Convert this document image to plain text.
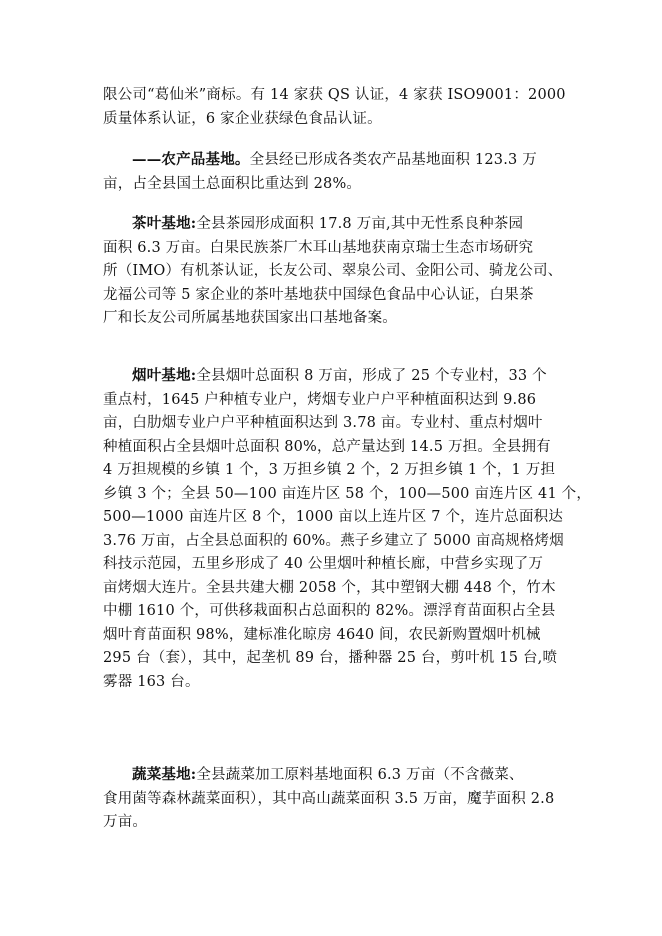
限公司“葛仙米”商标。有 14 家获 QS 认证，4 家获 ISO9001：2000
质量体系认证，6 家企业获绿色食品认证。

——农产品基地。全县经已形成各类农产品基地面积 123.3 万
亩，占全县国土总面积比重达到 28%。

茶叶基地:全县茶园形成面积 17.8 万亩,其中无性系良种茶园
面积 6.3 万亩。白果民族茶厂木耳山基地获南京瑞士生态市场研究
所（IMO）有机茶认证，长友公司、翠泉公司、金阳公司、骑龙公司、
龙福公司等 5 家企业的茶叶基地获中国绿色食品中心认证，白果茶
厂和长友公司所属基地获国家出口基地备案。

烟叶基地:全县烟叶总面积 8 万亩，形成了 25 个专业村，33 个
重点村，1645 户种植专业户，烤烟专业户户平种植面积达到 9.86
亩，白肋烟专业户户平种植面积达到 3.78 亩。专业村、重点村烟叶
种植面积占全县烟叶总面积 80%，总产量达到 14.5 万担。全县拥有
4 万担规模的乡镇 1 个，3 万担乡镇 2 个，2 万担乡镇 1 个，1 万担
乡镇 3 个；全县 50—100 亩连片区 58 个，100—500 亩连片区 41 个，
500—1000 亩连片区 8 个，1000 亩以上连片区 7 个，连片总面积达
3.76 万亩，占全县总面积的 60%。燕子乡建立了 5000 亩高规格烤烟
科技示范园，五里乡形成了 40 公里烟叶种植长廊，中营乡实现了万
亩烤烟大连片。全县共建大棚 2058 个，其中塑钢大棚 448 个，竹木
中棚 1610 个，可供移栽面积占总面积的 82%。漂浮育苗面积占全县
烟叶育苗面积 98%，建标准化晾房 4640 间，农民新购置烟叶机械
295 台（套），其中，起垄机 89 台，播种器 25 台，剪叶机 15 台,喷
雾器 163 台。

蔬菜基地:全县蔬菜加工原料基地面积 6.3 万亩（不含薇菜、
食用菌等森林蔬菜面积），其中高山蔬菜面积 3.5 万亩，魔芋面积 2.8
万亩。
